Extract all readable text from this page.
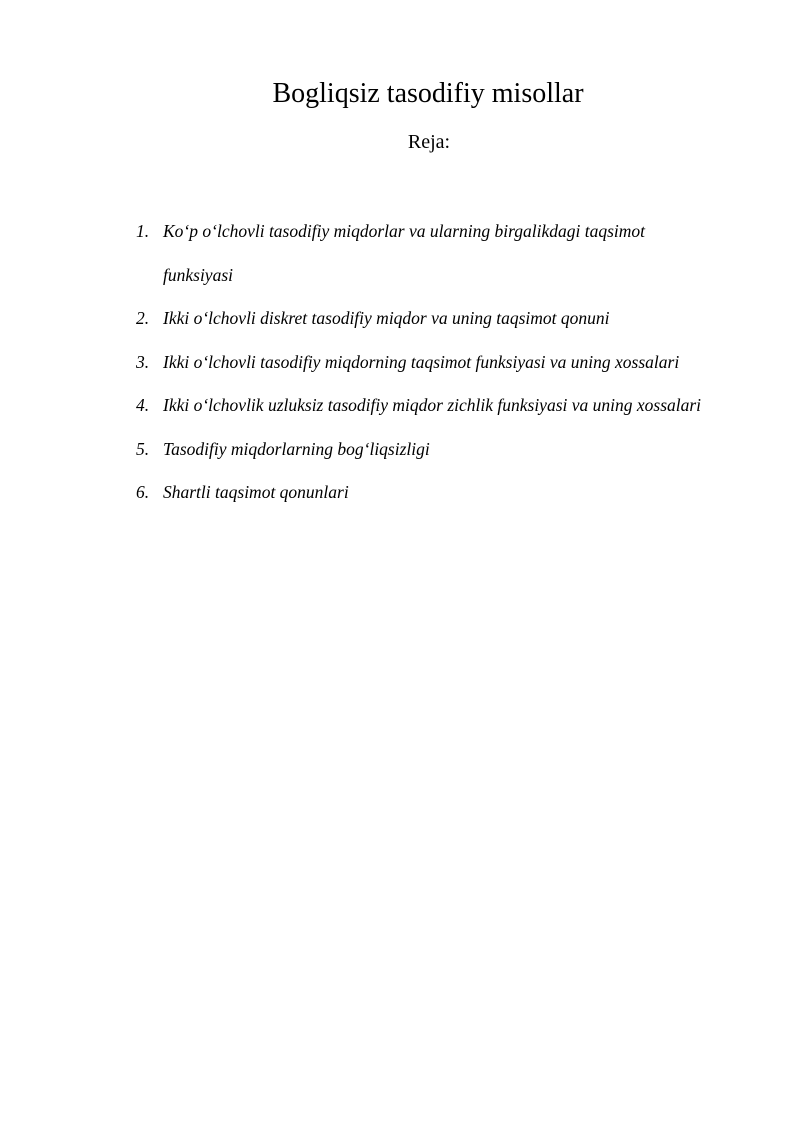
Bogliqsiz tasodifiy misollar
Reja:
1. Ko‘p o‘lchovli tasodifiy miqdorlar va ularning birgalikdagi taqsimot
funksiyasi
2. Ikki o‘lchovli diskret tasodifiy miqdor va uning taqsimot qonuni
3. Ikki o‘lchovli tasodifiy miqdorning taqsimot funksiyasi va uning xossalari
4. Ikki o‘lchovlik uzluksiz tasodifiy miqdor zichlik funksiyasi va uning xossalari
5. Tasodifiy miqdorlarning bog‘liqsizligi
6. Shartli taqsimot qonunlari
